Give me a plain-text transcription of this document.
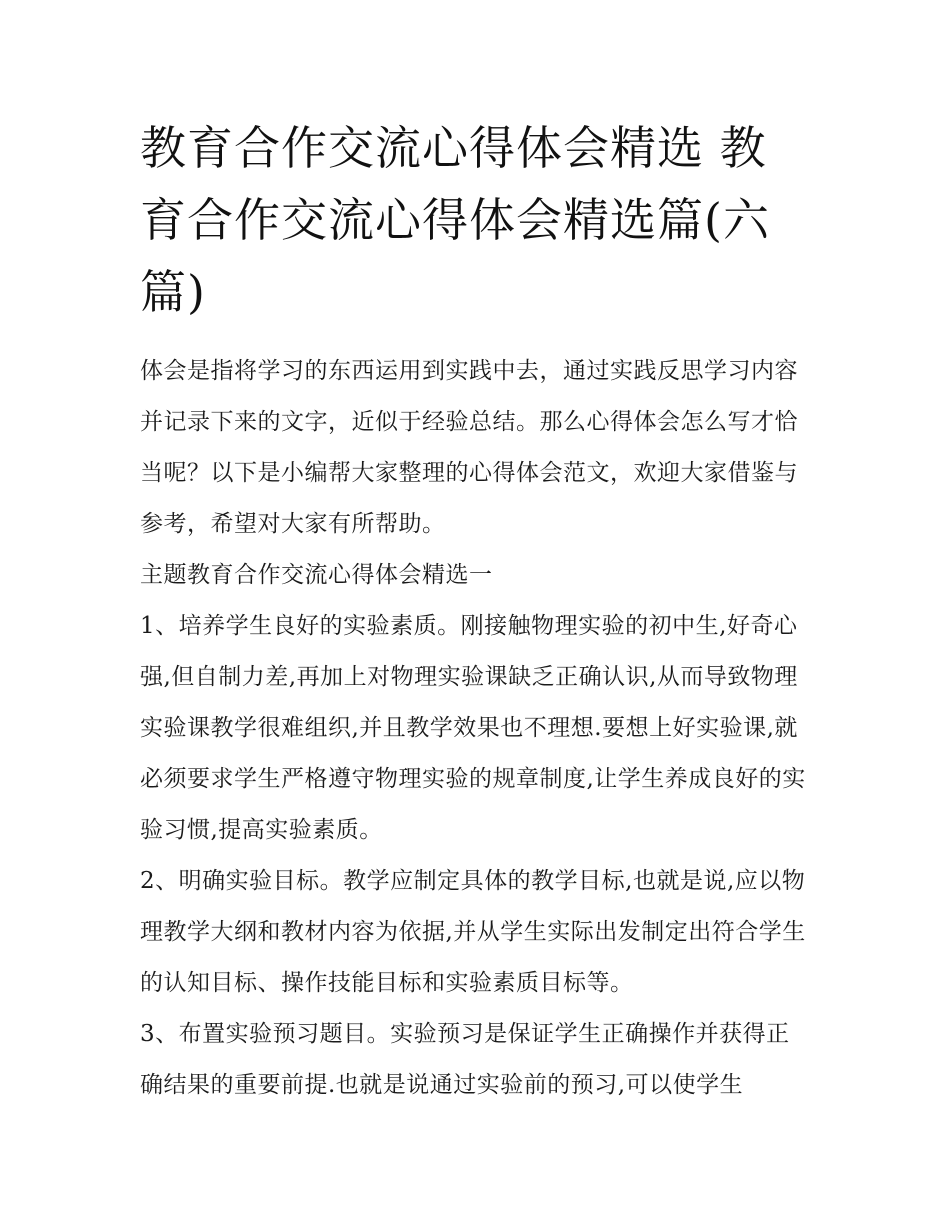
教育合作交流心得体会精选 教育合作交流心得体会精选篇(六篇)

体会是指将学习的东西运用到实践中去，通过实践反思学习内容并记录下来的文字，近似于经验总结。那么心得体会怎么写才恰当呢？以下是小编帮大家整理的心得体会范文，欢迎大家借鉴与参考，希望对大家有所帮助。

主题教育合作交流心得体会精选一

1、培养学生良好的实验素质。刚接触物理实验的初中生,好奇心强,但自制力差,再加上对物理实验课缺乏正确认识,从而导致物理实验课教学很难组织,并且教学效果也不理想.要想上好实验课,就必须要求学生严格遵守物理实验的规章制度,让学生养成良好的实验习惯,提高实验素质。

2、明确实验目标。教学应制定具体的教学目标,也就是说,应以物理教学大纲和教材内容为依据,并从学生实际出发制定出符合学生的认知目标、操作技能目标和实验素质目标等。

3、布置实验预习题目。实验预习是保证学生正确操作并获得正确结果的重要前提.也就是说通过实验前的预习,可以使学生
